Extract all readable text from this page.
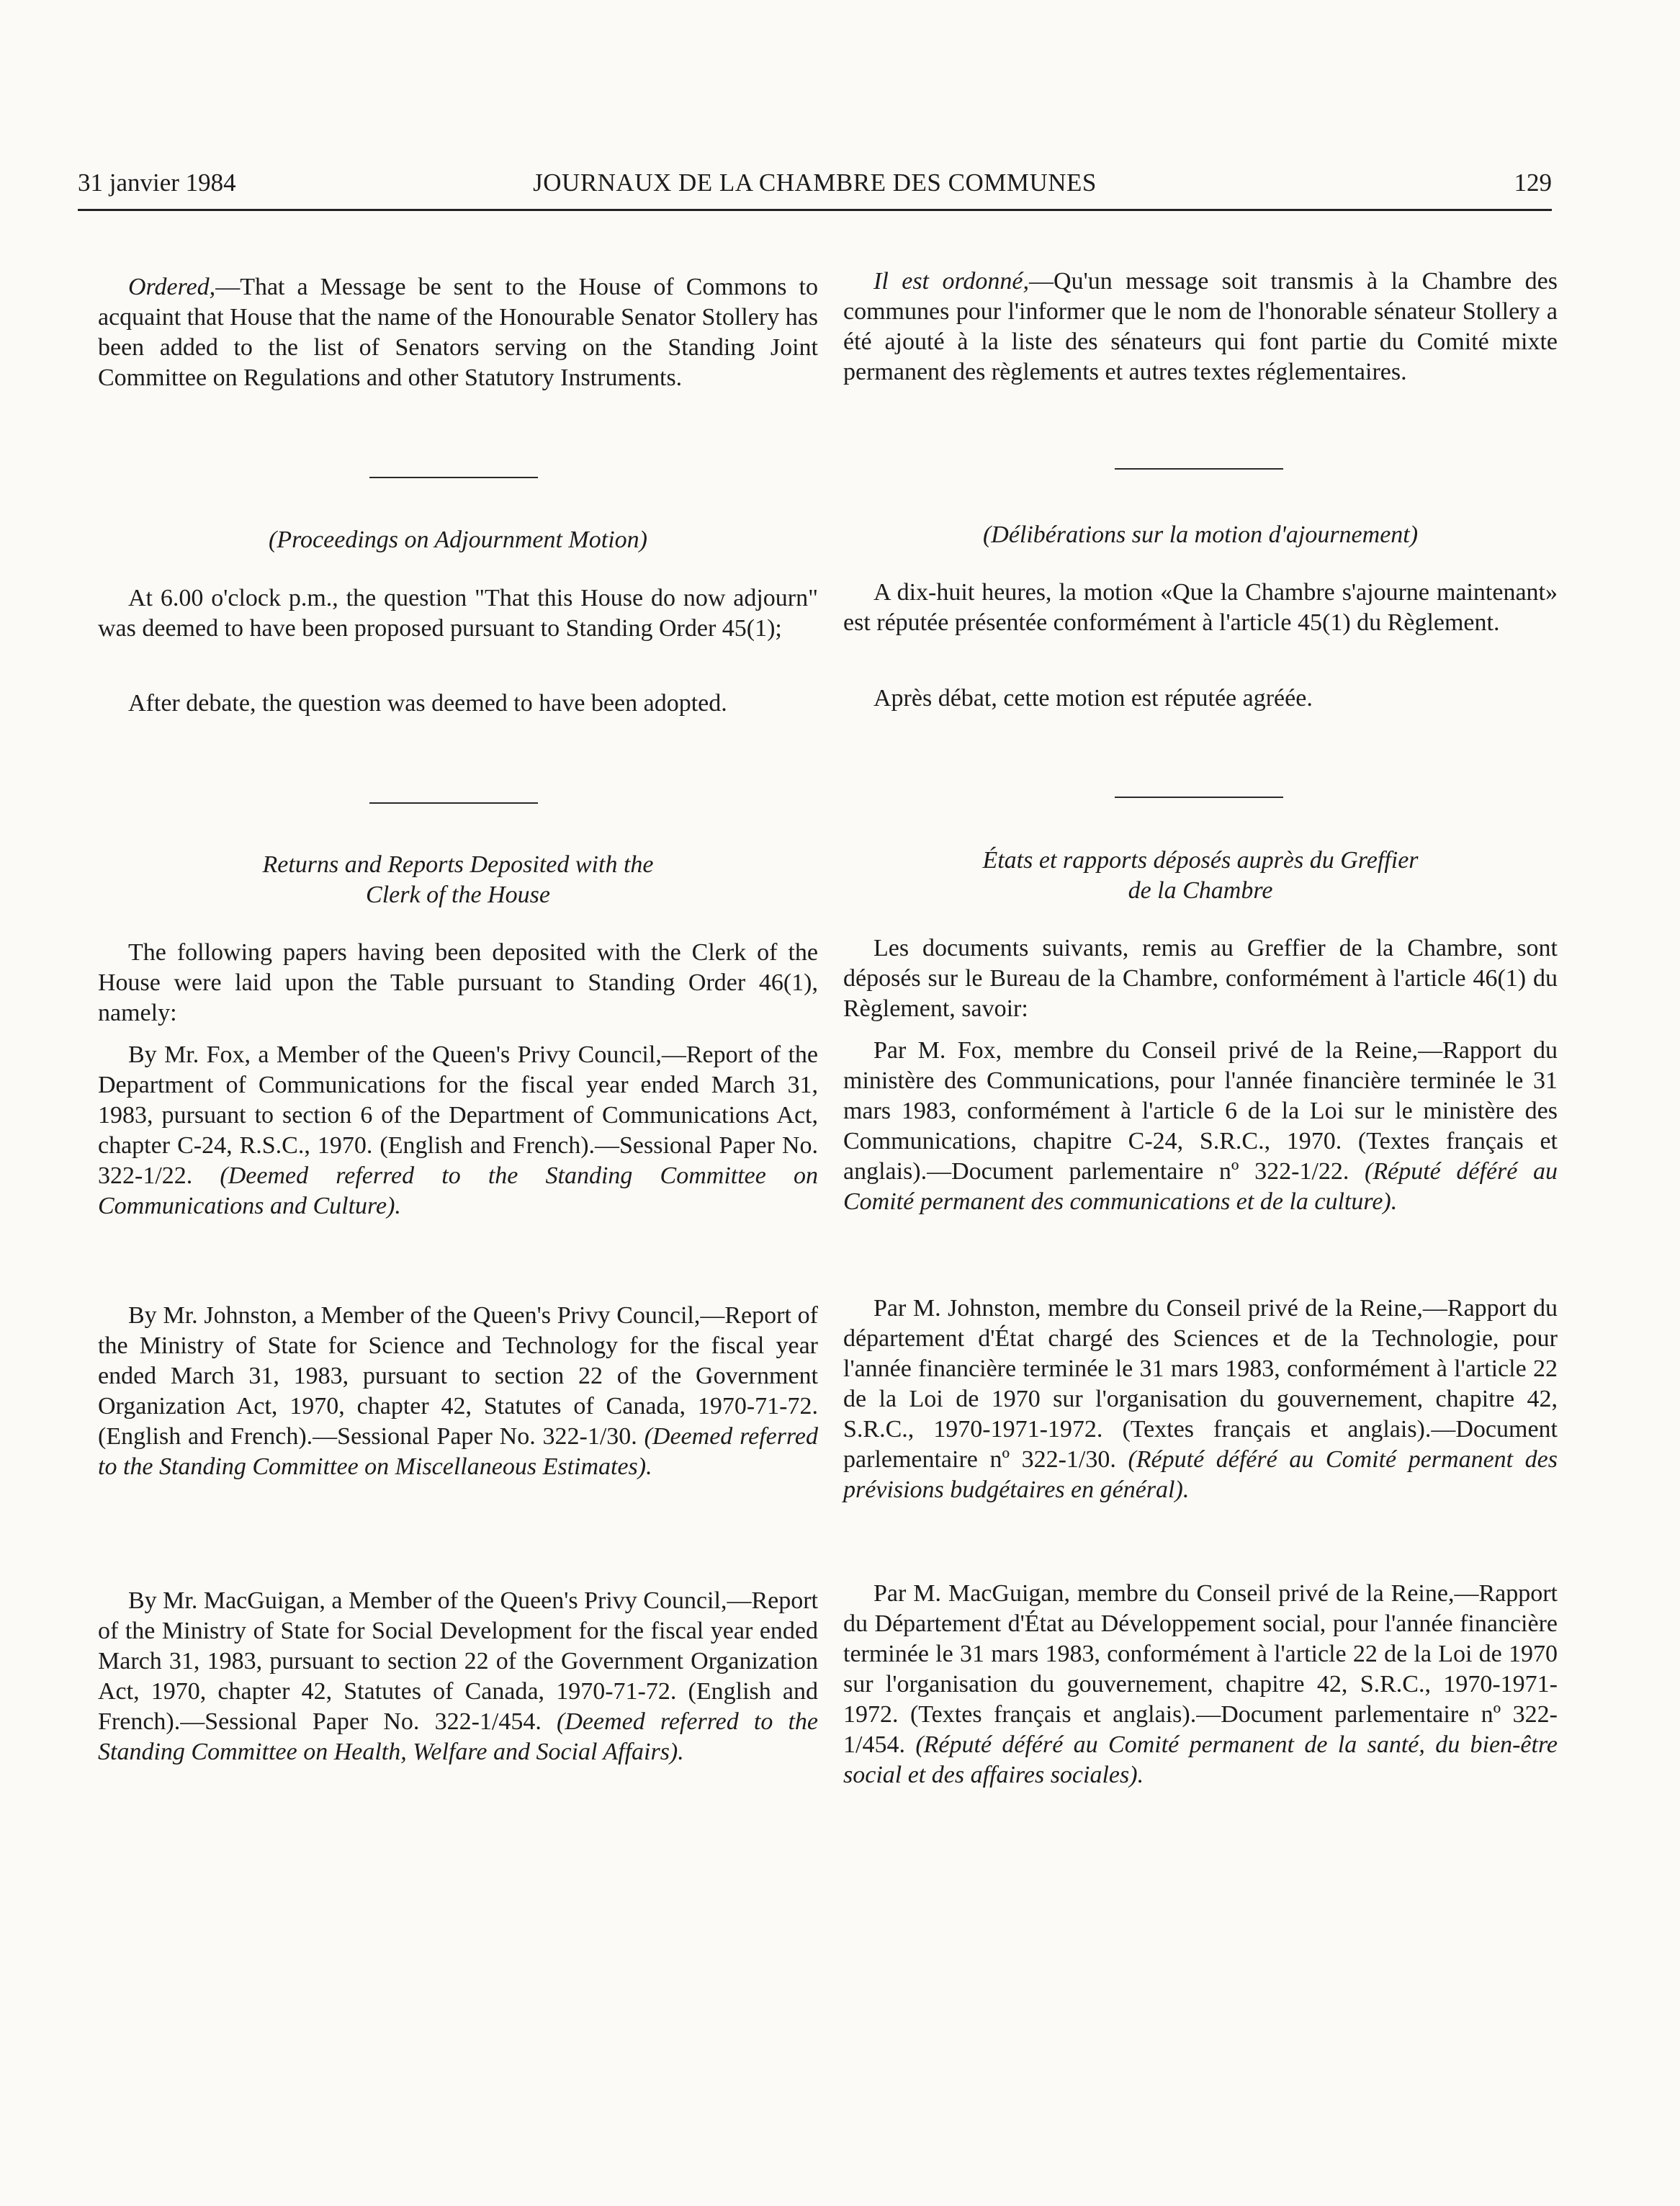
31 janvier 1984	JOURNAUX DE LA CHAMBRE DES COMMUNES	129

Ordered,—That a Message be sent to the House of Commons to acquaint that House that the name of the Honourable Senator Stollery has been added to the list of Senators serving on the Standing Joint Committee on Regulations and other Statutory Instruments.

(Proceedings on Adjournment Motion)

At 6.00 o'clock p.m., the question "That this House do now adjourn" was deemed to have been proposed pursuant to Standing Order 45(1);

After debate, the question was deemed to have been adopted.

Returns and Reports Deposited with the

Clerk of the House

The following papers having been deposited with the Clerk of the House were laid upon the Table pursuant to Standing Order 46(1), namely:

By Mr. Fox, a Member of the Queen's Privy Council,—Report of the Department of Communications for the fiscal year ended March 31, 1983, pursuant to section 6 of the Department of Communications Act, chapter C-24, R.S.C., 1970. (English and French).—Sessional Paper No. 322-1/22. (Deemed referred to the Standing Committee on Communications and Culture).

By Mr. Johnston, a Member of the Queen's Privy Council,—Report of the Ministry of State for Science and Technology for the fiscal year ended March 31, 1983, pursuant to section 22 of the Government Organization Act, 1970, chapter 42, Statutes of Canada, 1970-71-72. (English and French).—Sessional Paper No. 322-1/30. (Deemed referred to the Standing Committee on Miscellaneous Estimates).

By Mr. MacGuigan, a Member of the Queen's Privy Council,—Report of the Ministry of State for Social Development for the fiscal year ended March 31, 1983, pursuant to section 22 of the Government Organization Act, 1970, chapter 42, Statutes of Canada, 1970-71-72. (English and French).—Sessional Paper No. 322-1/454. (Deemed referred to the Standing Committee on Health, Welfare and Social Affairs).

Il est ordonné,—Qu'un message soit transmis à la Chambre des communes pour l'informer que le nom de l'honorable sénateur Stollery a été ajouté à la liste des sénateurs qui font partie du Comité mixte permanent des règlements et autres textes réglementaires.

(Délibérations sur la motion d'ajournement)

A dix-huit heures, la motion «Que la Chambre s'ajourne maintenant» est réputée présentée conformément à l'article 45(1) du Règlement.

Après débat, cette motion est réputée agréée.

États et rapports déposés auprès du Greffier

de la Chambre

Les documents suivants, remis au Greffier de la Chambre, sont déposés sur le Bureau de la Chambre, conformément à l'article 46(1) du Règlement, savoir:

Par M. Fox, membre du Conseil privé de la Reine,—Rapport du ministère des Communications, pour l'année financière terminée le 31 mars 1983, conformément à l'article 6 de la Loi sur le ministère des Communications, chapitre C-24, S.R.C., 1970. (Textes français et anglais).—Document parlementaire nº 322-1/22. (Réputé déféré au Comité permanent des communications et de la culture).

Par M. Johnston, membre du Conseil privé de la Reine,—Rapport du département d'État chargé des Sciences et de la Technologie, pour l'année financière terminée le 31 mars 1983, conformément à l'article 22 de la Loi de 1970 sur l'organisation du gouvernement, chapitre 42, S.R.C., 1970-1971-1972. (Textes français et anglais).—Document parlementaire nº 322-1/30. (Réputé déféré au Comité permanent des prévisions budgétaires en général).

Par M. MacGuigan, membre du Conseil privé de la Reine,—Rapport du Département d'État au Développement social, pour l'année financière terminée le 31 mars 1983, conformément à l'article 22 de la Loi de 1970 sur l'organisation du gouvernement, chapitre 42, S.R.C., 1970-1971-1972. (Textes français et anglais).—Document parlementaire nº 322-1/454. (Réputé déféré au Comité permanent de la santé, du bien-être social et des affaires sociales).
